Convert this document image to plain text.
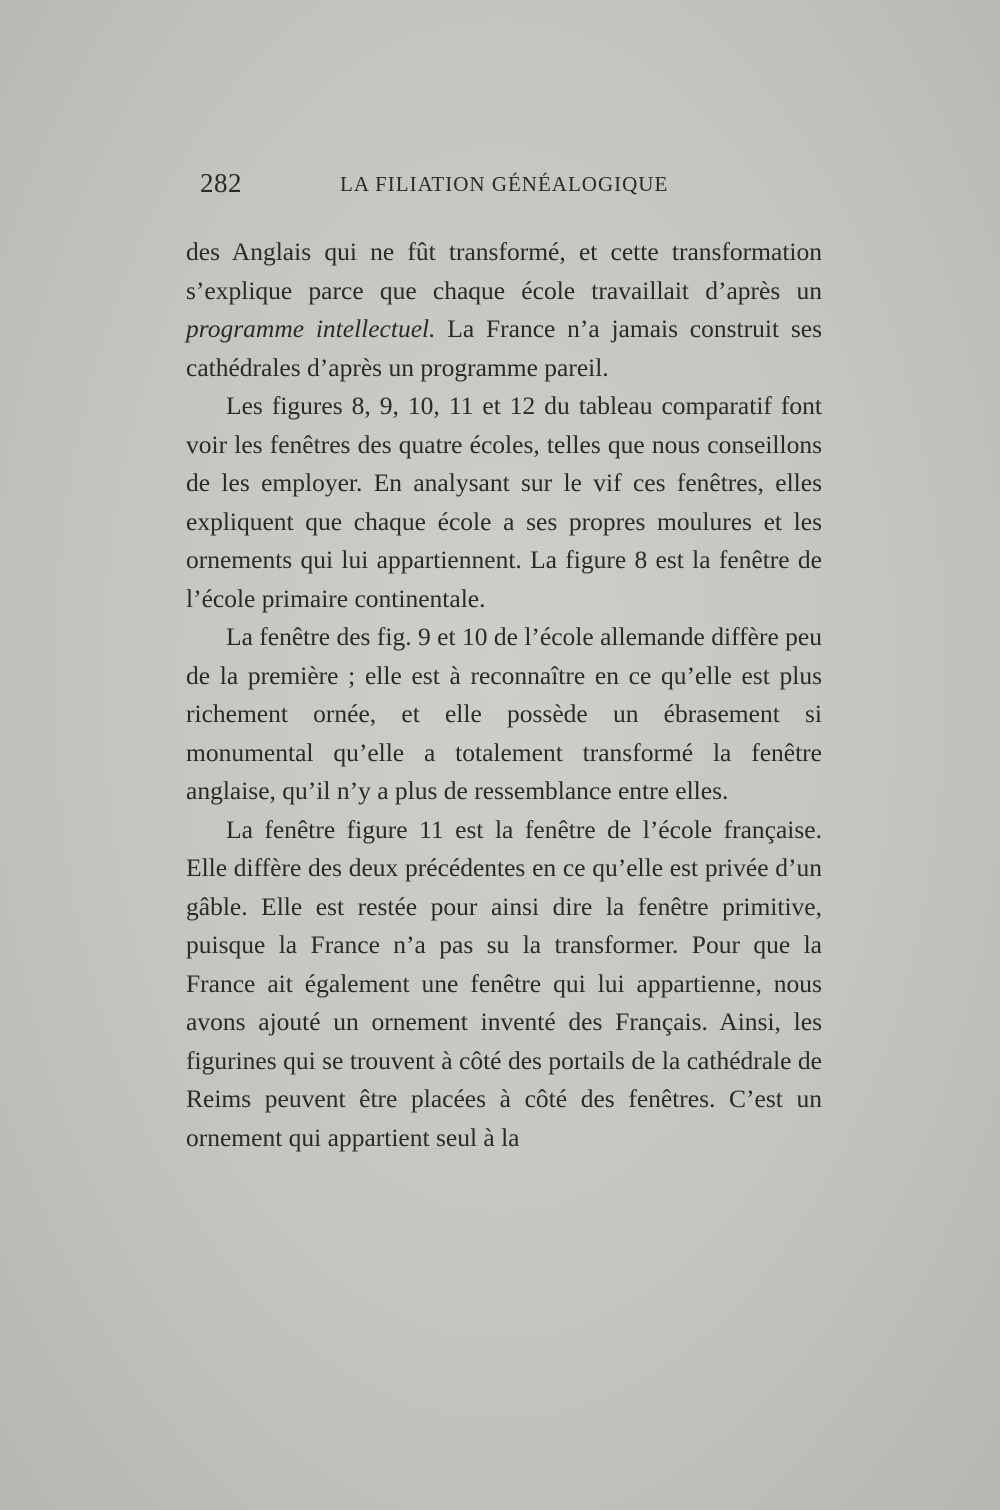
282	LA FILIATION GÉNÉALOGIQUE

des Anglais qui ne fût transformé, et cette transformation s’explique parce que chaque école travaillait d’après un programme intellectuel. La France n’a jamais construit ses cathédrales d’après un programme pareil.

Les figures 8, 9, 10, 11 et 12 du tableau comparatif font voir les fenêtres des quatre écoles, telles que nous conseillons de les employer. En analysant sur le vif ces fenêtres, elles expliquent que chaque école a ses propres moulures et les ornements qui lui appartiennent. La figure 8 est la fenêtre de l’école primaire continentale.

La fenêtre des fig. 9 et 10 de l’école allemande diffère peu de la première ; elle est à reconnaître en ce qu’elle est plus richement ornée, et elle possède un ébrasement si monumental qu’elle a totalement transformé la fenêtre anglaise, qu’il n’y a plus de ressemblance entre elles.

La fenêtre figure 11 est la fenêtre de l’école française. Elle diffère des deux précédentes en ce qu’elle est privée d’un gâble. Elle est restée pour ainsi dire la fenêtre primitive, puisque la France n’a pas su la transformer. Pour que la France ait également une fenêtre qui lui appartienne, nous avons ajouté un ornement inventé des Français. Ainsi, les figurines qui se trouvent à côté des portails de la cathédrale de Reims peuvent être placées à côté des fenêtres. C’est un ornement qui appartient seul à la
